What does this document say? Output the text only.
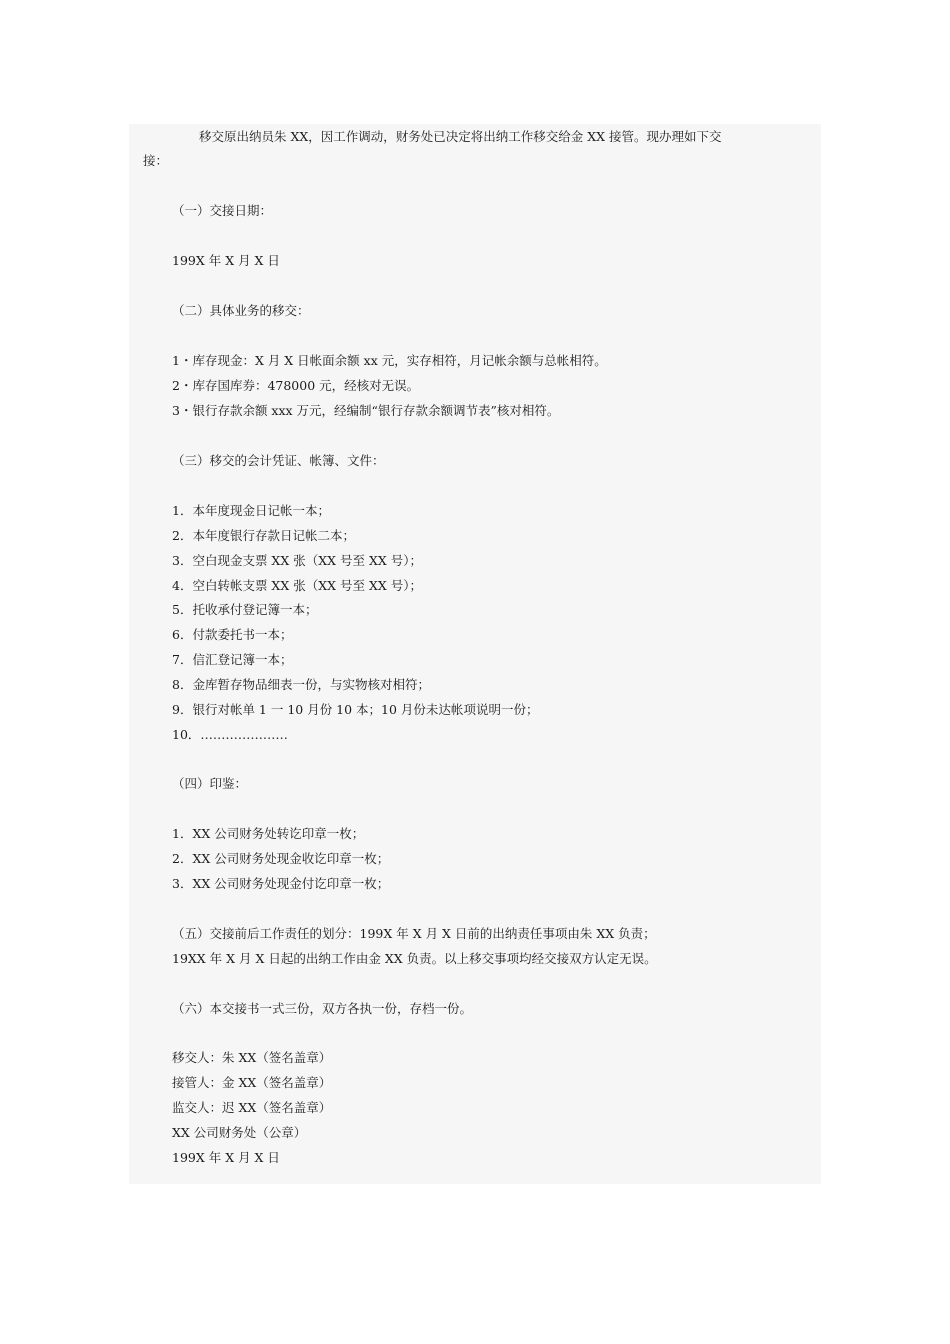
移交原出纳员朱 XX，因工作调动，财务处已决定将出纳工作移交给金 XX 接管。现办理如下交
接：
（一）交接日期：
199X 年 X 月 X 日
（二）具体业务的移交：
1・库存现金：X 月 X 日帐面余额 xx 元，实存相符，月记帐余额与总帐相符。
2・库存国库券：478000 元，经核对无误。
3・银行存款余额 xxx 万元，经编制“银行存款余额调节表”核对相符。
（三）移交的会计凭证、帐簿、文件：
1．本年度现金日记帐一本；
2．本年度银行存款日记帐二本；
3．空白现金支票 XX 张（XX 号至 XX 号）；
4．空白转帐支票 XX 张（XX 号至 XX 号）；
5．托收承付登记簿一本；
6．付款委托书一本；
7．信汇登记簿一本；
8．金库暂存物品细表一份，与实物核对相符；
9．银行对帐单 1 一 10 月份 10 本；10 月份未达帐项说明一份；
10．…………………
（四）印鉴：
1．XX 公司财务处转讫印章一枚；
2．XX 公司财务处现金收讫印章一枚；
3．XX 公司财务处现金付讫印章一枚；
（五）交接前后工作责任的划分：199X 年 X 月 X 日前的出纳责任事项由朱 XX 负责；
19XX 年 X 月 X 日起的出纳工作由金 XX 负责。以上移交事项均经交接双方认定无误。
（六）本交接书一式三份，双方各执一份，存档一份。
移交人：朱 XX（签名盖章）
接管人：金 XX（签名盖章）
监交人：迟 XX（签名盖章）
XX 公司财务处（公章）
199X 年 X 月 X 日
